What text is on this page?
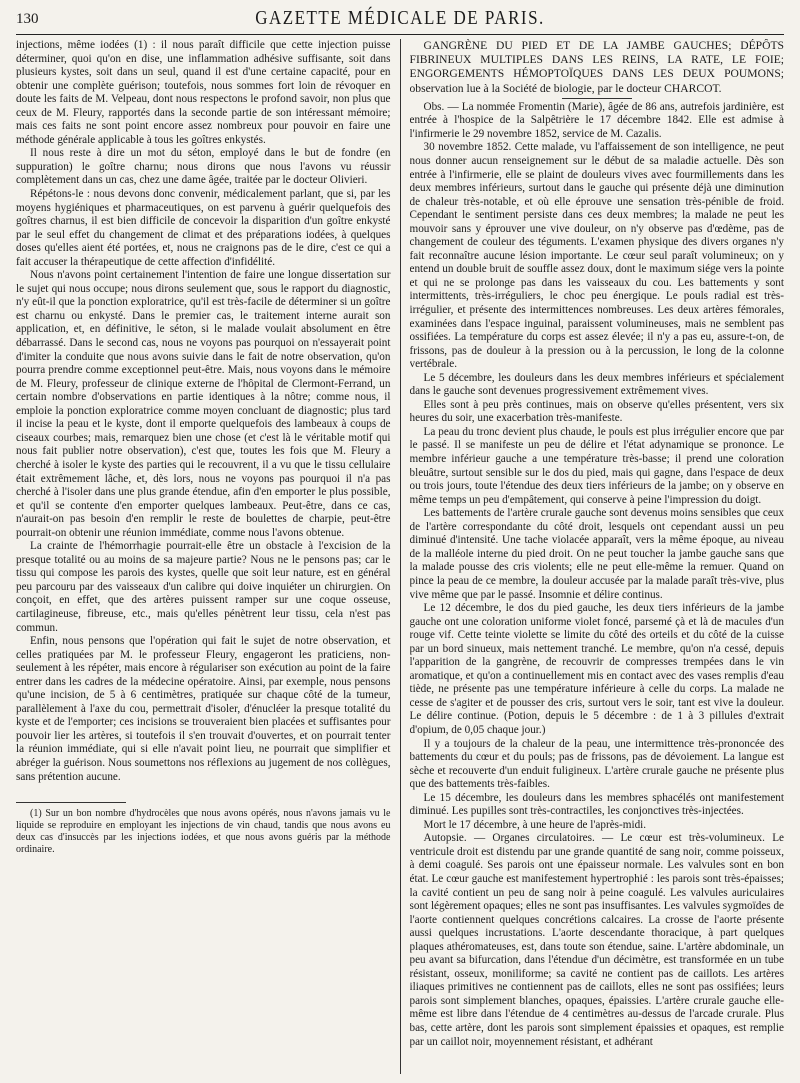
130	GAZETTE MÉDICALE DE PARIS.

injections, même iodées (1) : il nous paraît difficile que cette injection puisse déterminer, quoi qu'on en dise, une inflammation adhésive suffisante, soit dans plusieurs kystes, soit dans un seul, quand il est d'une certaine capacité, pour en obtenir une complète guérison; toutefois, nous sommes fort loin de révoquer en doute les faits de M. Velpeau, dont nous respectons le profond savoir, non plus que ceux de M. Fleury, rapportés dans la seconde partie de son intéressant mémoire; mais ces faits ne sont point encore assez nombreux pour pouvoir en faire une méthode générale applicable à tous les goîtres enkystés.

Il nous reste à dire un mot du séton, employé dans le but de fondre (en suppuration) le goître charnu; nous dirons que nous l'avons vu réussir complètement dans un cas, chez une dame âgée, traitée par le docteur Olivieri.

Répétons-le : nous devons donc convenir, médicalement parlant, que si, par les moyens hygiéniques et pharmaceutiques, on est parvenu à guérir quelquefois des goîtres charnus, il est bien difficile de concevoir la disparition d'un goître enkysté par le seul effet du changement de climat et des préparations iodées, à quelques doses qu'elles aient été portées, et, nous ne craignons pas de le dire, c'est ce qui a fait accuser la thérapeutique de cette affection d'infidélité.

Nous n'avons point certainement l'intention de faire une longue dissertation sur le sujet qui nous occupe; nous dirons seulement que, sous le rapport du diagnostic, n'y eût-il que la ponction exploratrice, qu'il est très-facile de déterminer si un goître est charnu ou enkysté. Dans le premier cas, le traitement interne aurait son application, et, en définitive, le séton, si le malade voulait absolument en être débarrassé. Dans le second cas, nous ne voyons pas pourquoi on n'essayerait point d'imiter la conduite que nous avons suivie dans le fait de notre observation, qu'on pourra prendre comme exceptionnel peut-être. Mais, nous voyons dans le mémoire de M. Fleury, professeur de clinique externe de l'hôpital de Clermont-Ferrand, un certain nombre d'observations en partie identiques à la nôtre; comme nous, il emploie la ponction exploratrice comme moyen concluant de diagnostic; plus tard il incise la peau et le kyste, dont il emporte quelquefois des lambeaux à coups de ciseaux courbes; mais, remarquez bien une chose (et c'est là le véritable motif qui nous fait publier notre observation), c'est que, toutes les fois que M. Fleury a cherché à isoler le kyste des parties qui le recouvrent, il a vu que le tissu cellulaire était extrêmement lâche, et, dès lors, nous ne voyons pas pourquoi il n'a pas cherché à l'isoler dans une plus grande étendue, afin d'en emporter le plus possible, et qu'il se contente d'en emporter quelques lambeaux. Peut-être, dans ce cas, n'aurait-on pas besoin d'en remplir le reste de boulettes de charpie, peut-être pourrait-on obtenir une réunion immédiate, comme nous l'avons obtenue.

La crainte de l'hémorrhagie pourrait-elle être un obstacle à l'excision de la presque totalité ou au moins de sa majeure partie? Nous ne le pensons pas; car le tissu qui compose les parois des kystes, quelle que soit leur nature, est en général peu parcouru par des vaisseaux d'un calibre qui doive inquiéter un chirurgien. On conçoit, en effet, que des artères puissent ramper sur une coque osseuse, cartilagineuse, fibreuse, etc., mais qu'elles pénètrent leur tissu, cela n'est pas commun.

Enfin, nous pensons que l'opération qui fait le sujet de notre observation, et celles pratiquées par M. le professeur Fleury, engageront les praticiens, non-seulement à les répéter, mais encore à régulariser son exécution au point de la faire entrer dans les cadres de la médecine opératoire. Ainsi, par exemple, nous pensons qu'une incision, de 5 à 6 centimètres, pratiquée sur chaque côté de la tumeur, parallèlement à l'axe du cou, permettrait d'isoler, d'énucléer la presque totalité du kyste et de l'emporter; ces incisions se trouveraient bien placées et suffisantes pour pouvoir lier les artères, si toutefois il s'en trouvait d'ouvertes, et on pourrait tenter la réunion immédiate, qui si elle n'avait point lieu, ne pourrait que simplifier et abréger la guérison. Nous soumettons nos réflexions au jugement de nos collègues, sans prétention aucune.

(1) Sur un bon nombre d'hydrocèles que nous avons opérés, nous n'avons jamais vu le liquide se reproduire en employant les injections de vin chaud, tandis que nous avons eu deux cas d'insuccès par les injections iodées, et que nous avons guéris par la méthode ordinaire.

GANGRÈNE DU PIED ET DE LA JAMBE GAUCHES; DÉPÔTS FIBRINEUX MULTIPLES DANS LES REINS, LA RATE, LE FOIE; ENGORGEMENTS HÉMOPTOÏQUES DANS LES DEUX POUMONS; observation lue à la Société de biologie, par le docteur CHARCOT.

Obs. — La nommée Fromentin (Marie), âgée de 86 ans, autrefois jardinière, est entrée à l'hospice de la Salpêtrière le 17 décembre 1842. Elle est admise à l'infirmerie le 29 novembre 1852, service de M. Cazalis.

30 novembre 1852. Cette malade, vu l'affaissement de son intelligence, ne peut nous donner aucun renseignement sur le début de sa maladie actuelle. Dès son entrée à l'infirmerie, elle se plaint de douleurs vives avec fourmillements dans les deux membres inférieurs, surtout dans le gauche qui présente déjà une diminution de chaleur très-notable, et où elle éprouve une sensation très-pénible de froid. Cependant le sentiment persiste dans ces deux membres; la malade ne peut les mouvoir sans y éprouver une vive douleur, on n'y observe pas d'œdème, pas de changement de couleur des téguments. L'examen physique des divers organes n'y fait reconnaître aucune lésion importante. Le cœur seul paraît volumineux; on y entend un double bruit de souffle assez doux, dont le maximum siége vers la pointe et qui ne se prolonge pas dans les vaisseaux du cou. Les battements y sont intermittents, très-irréguliers, le choc peu énergique. Le pouls radial est très-irrégulier, et présente des intermittences nombreuses. Les deux artères fémorales, examinées dans l'espace inguinal, paraissent volumineuses, mais ne semblent pas ossifiées. La température du corps est assez élevée; il n'y a pas eu, assure-t-on, de frissons, pas de douleur à la pression ou à la percussion, le long de la colonne vertébrale.

Le 5 décembre, les douleurs dans les deux membres inférieurs et spécialement dans le gauche sont devenues progressivement extrêmement vives.

Elles sont à peu près continues, mais on observe qu'elles présentent, vers six heures du soir, une exacerbation très-manifeste.

La peau du tronc devient plus chaude, le pouls est plus irrégulier encore que par le passé. Il se manifeste un peu de délire et l'état adynamique se prononce. Le membre inférieur gauche a une température très-basse; il prend une coloration bleuâtre, surtout sensible sur le dos du pied, mais qui gagne, dans l'espace de deux ou trois jours, toute l'étendue des deux tiers inférieurs de la jambe; on y observe en même temps un peu d'empâtement, qui conserve à peine l'impression du doigt.

Les battements de l'artère crurale gauche sont devenus moins sensibles que ceux de l'artère correspondante du côté droit, lesquels ont cependant aussi un peu diminué d'intensité. Une tache violacée apparaît, vers la même époque, au niveau de la malléole interne du pied droit. On ne peut toucher la jambe gauche sans que la malade pousse des cris violents; elle ne peut elle-même la remuer. Quand on pince la peau de ce membre, la douleur accusée par la malade paraît très-vive, plus vive même que par le passé. Insomnie et délire continus.

Le 12 décembre, le dos du pied gauche, les deux tiers inférieurs de la jambe gauche ont une coloration uniforme violet foncé, parsemé çà et là de macules d'un rouge vif. Cette teinte violette se limite du côté des orteils et du côté de la cuisse par un bord sinueux, mais nettement tranché. Le membre, qu'on n'a cessé, depuis l'apparition de la gangrène, de recouvrir de compresses trempées dans le vin aromatique, et qu'on a continuellement mis en contact avec des vases remplis d'eau tiède, ne présente pas une température inférieure à celle du corps. La malade ne cesse de s'agiter et de pousser des cris, surtout vers le soir, tant est vive la douleur. Le délire continue. (Potion, depuis le 5 décembre : de 1 à 3 pillules d'extrait d'opium, de 0,05 chaque jour.)

Il y a toujours de la chaleur de la peau, une intermittence très-prononcée des battements du cœur et du pouls; pas de frissons, pas de dévoiement. La langue est sèche et recouverte d'un enduit fuligineux. L'artère crurale gauche ne présente plus que des battements très-faibles.

Le 15 décembre, les douleurs dans les membres sphacélés ont manifestement diminué. Les pupilles sont très-contractiles, les conjonctives très-injectées.

Mort le 17 décembre, à une heure de l'après-midi.

Autopsie. — Organes circulatoires. — Le cœur est très-volumineux. Le ventricule droit est distendu par une grande quantité de sang noir, comme poisseux, à demi coagulé. Ses parois ont une épaisseur normale. Les valvules sont en bon état. Le cœur gauche est manifestement hypertrophié : les parois sont très-épaisses; la cavité contient un peu de sang noir à peine coagulé. Les valvules auriculaires sont légèrement opaques; elles ne sont pas insuffisantes. Les valvules sygmoïdes de l'aorte contiennent quelques concrétions calcaires. La crosse de l'aorte présente aussi quelques incrustations. L'aorte descendante thoracique, à part quelques plaques athéromateuses, est, dans toute son étendue, saine. L'artère abdominale, un peu avant sa bifurcation, dans l'étendue d'un décimètre, est transformée en un tube résistant, osseux, moniliforme; sa cavité ne contient pas de caillots. Les artères iliaques primitives ne contiennent pas de caillots, elles ne sont pas ossifiées; leurs parois sont simplement blanches, opaques, épaissies. L'artère crurale gauche elle-même est libre dans l'étendue de 4 centimètres au-dessus de l'arcade crurale. Plus bas, cette artère, dont les parois sont simplement épaissies et opaques, est remplie par un caillot noir, moyennement résistant, et adhérant
